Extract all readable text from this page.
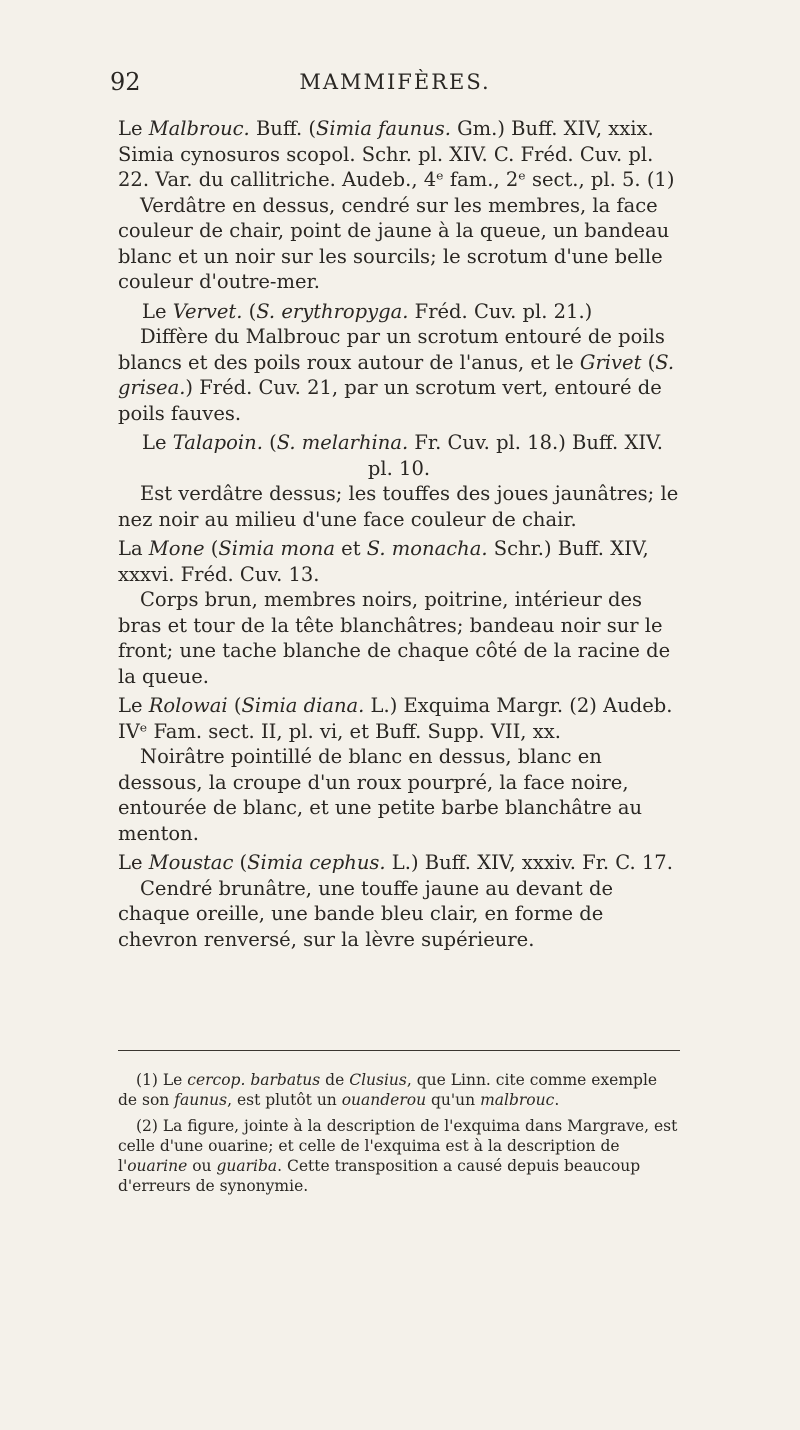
92	MAMMIFÈRES.

Le Malbrouc. Buff. (Simia faunus. Gm.) Buff. XIV, xxix. Simia cynosuros scopol. Schr. pl. XIV. C. Fréd. Cuv. pl. 22. Var. du callitriche. Audeb., 4ᵉ fam., 2ᵉ sect., pl. 5. (1)

Verdâtre en dessus, cendré sur les membres, la face couleur de chair, point de jaune à la queue, un bandeau blanc et un noir sur les sourcils; le scrotum d'une belle couleur d'outre-mer.

Le Vervet. (S. erythropyga. Fréd. Cuv. pl. 21.)

Diffère du Malbrouc par un scrotum entouré de poils blancs et des poils roux autour de l'anus, et le Grivet (S. grisea.) Fréd. Cuv. 21, par un scrotum vert, entouré de poils fauves.

Le Talapoin. (S. melarhina. Fr. Cuv. pl. 18.) Buff. XIV.

pl. 10.

Est verdâtre dessus; les touffes des joues jaunâtres; le nez noir au milieu d'une face couleur de chair.

La Mone (Simia mona et S. monacha. Schr.) Buff. XIV, xxxvi. Fréd. Cuv. 13.

Corps brun, membres noirs, poitrine, intérieur des bras et tour de la tête blanchâtres; bandeau noir sur le front; une tache blanche de chaque côté de la racine de la queue.

Le Rolowai (Simia diana. L.) Exquima Margr. (2) Audeb. IVᵉ Fam. sect. II, pl. vi, et Buff. Supp. VII, xx.

Noirâtre pointillé de blanc en dessus, blanc en dessous, la croupe d'un roux pourpré, la face noire, entourée de blanc, et une petite barbe blanchâtre au menton.

Le Moustac (Simia cephus. L.) Buff. XIV, xxxiv. Fr. C. 17.

Cendré brunâtre, une touffe jaune au devant de chaque oreille, une bande bleu clair, en forme de chevron renversé, sur la lèvre supérieure.

(1) Le cercop. barbatus de Clusius, que Linn. cite comme exemple de son faunus, est plutôt un ouanderou qu'un malbrouc.

(2) La figure, jointe à la description de l'exquima dans Margrave, est celle d'une ouarine; et celle de l'exquima est à la description de l'ouarine ou guariba. Cette transposition a causé depuis beaucoup d'erreurs de synonymie.
